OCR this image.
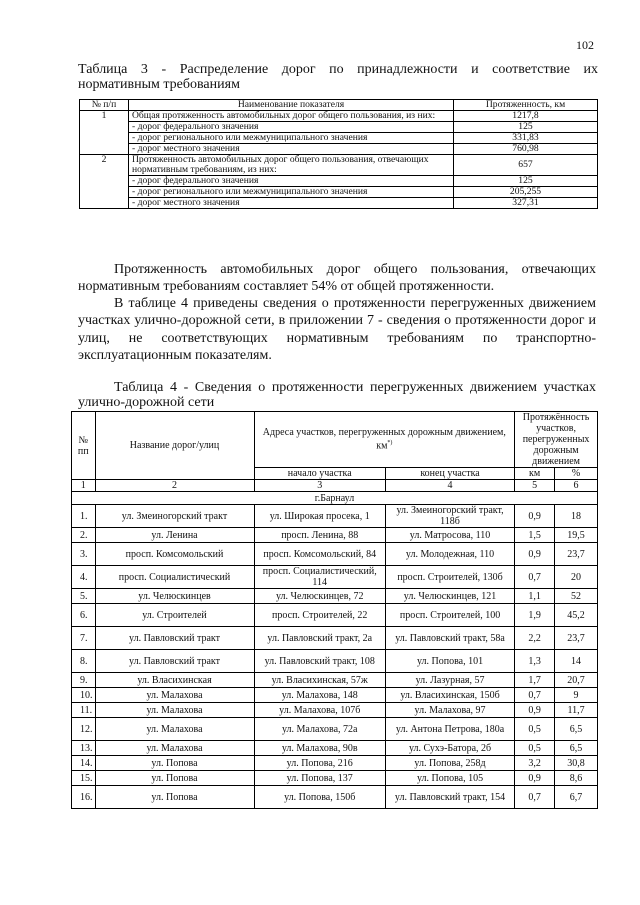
102
Таблица 3 - Распределение дорог по принадлежности и соответствие их
нормативным требованиям
№ п/п	Наименование показателя	Протяженность, км
1	Общая протяженность автомобильных дорог общего пользования, из них:	1217,8
	- дорог федерального значения	125
	- дорог регионального или межмуниципального значения	331,83
	- дорог местного значения	760,98
2	Протяженность автомобильных дорог общего пользования, отвечающих нормативным требованиям, из них:	657
	- дорог федерального значения	125
	- дорог регионального или межмуниципального значения	205,255
	- дорог местного значения	327,31
Протяженность автомобильных дорог общего пользования, отвечающих нормативным требованиям составляет 54% от общей протяженности.
В таблице 4 приведены сведения о протяженности перегруженных движением участках улично-дорожной сети, в приложении 7 - сведения о протяженности дорог и улиц, не соответствующих нормативным требованиям по транспортно-эксплуатационным показателям.
Таблица 4 - Сведения о протяженности перегруженных движением участках улично-дорожной сети
№ пп	Название дорог/улиц	Адреса участков, перегруженных дорожным движением, км*)		Протяжённость участков, перегруженных дорожным движением	
		начало участка	конец участка	км	%
1	2	3	4	5	6
г.Барнаул					
1.	ул. Змеиногорский тракт	ул. Широкая просека, 1	ул. Змеиногорский тракт, 118б	0,9	18
2.	ул. Ленина	просп. Ленина, 88	ул. Матросова, 110	1,5	19,5
3.	просп. Комсомольский	просп. Комсомольский, 84	ул. Молодежная, 110	0,9	23,7
4.	просп. Социалистический	просп. Социалистический, 114	просп. Строителей, 130б	0,7	20
5.	ул. Челюскинцев	ул. Челюскинцев, 72	ул. Челюскинцев, 121	1,1	52
6.	ул. Строителей	просп. Строителей, 22	просп. Строителей, 100	1,9	45,2
7.	ул. Павловский тракт	ул. Павловский тракт, 2а	ул. Павловский тракт, 58а	2,2	23,7
8.	ул. Павловский тракт	ул. Павловский тракт, 108	ул. Попова, 101	1,3	14
9.	ул. Власихинская	ул. Власихинская, 57ж	ул. Лазурная, 57	1,7	20,7
10.	ул. Малахова	ул. Малахова, 148	ул. Власихинская, 150б	0,7	9
11.	ул. Малахова	ул. Малахова, 107б	ул. Малахова, 97	0,9	11,7
12.	ул. Малахова	ул. Малахова, 72а	ул. Антона Петрова, 180а	0,5	6,5
13.	ул. Малахова	ул. Малахова, 90в	ул. Сухэ-Батора, 2б	0,5	6,5
14.	ул. Попова	ул. Попова, 216	ул. Попова, 258д	3,2	30,8
15.	ул. Попова	ул. Попова, 137	ул. Попова, 105	0,9	8,6
16.	ул. Попова	ул. Попова, 150б	ул. Павловский тракт, 154	0,7	6,7
